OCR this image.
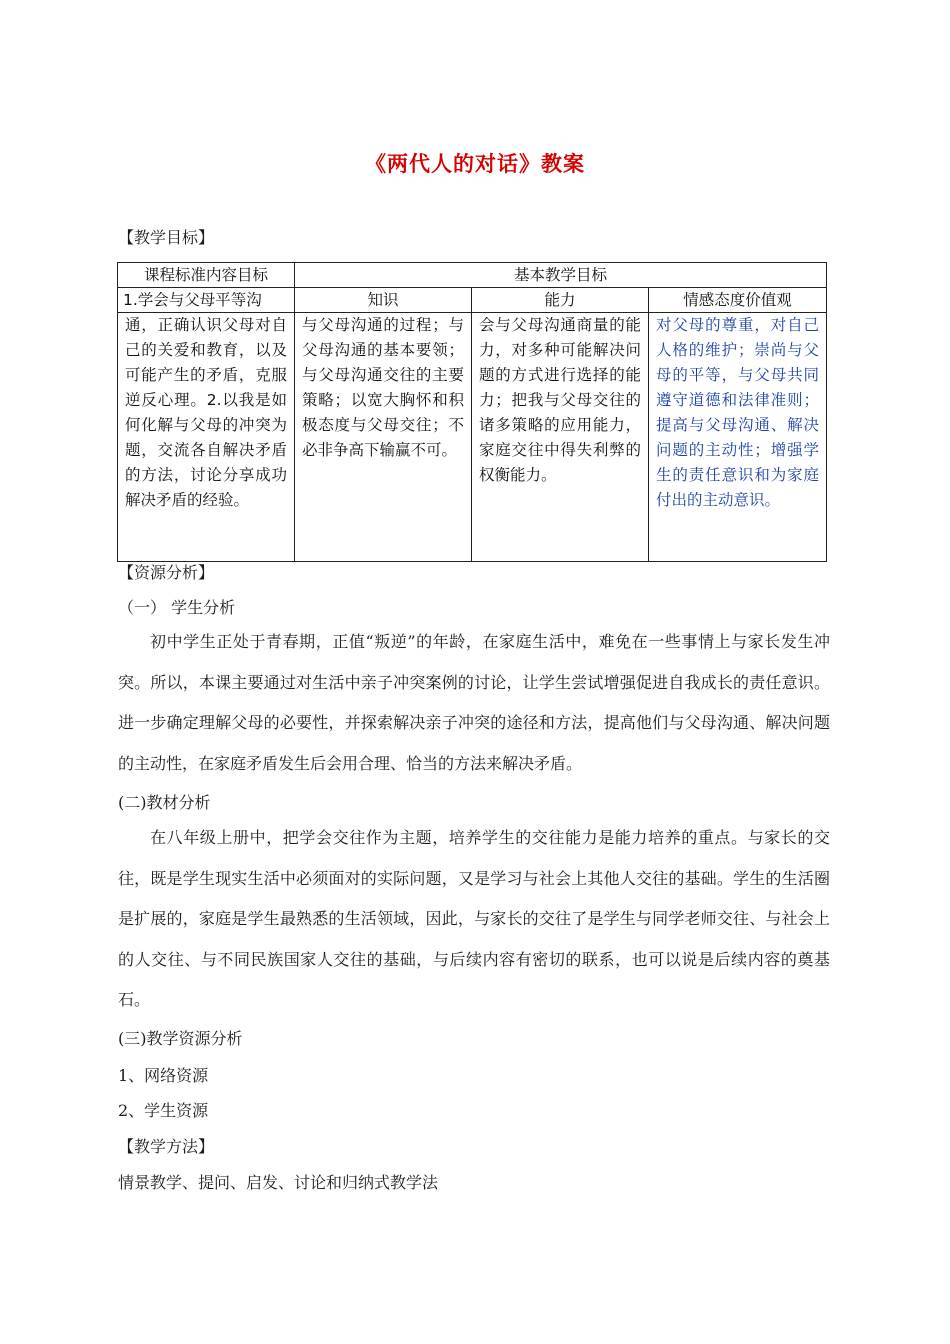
《两代人的对话》教案
【教学目标】
课程标准内容目标	基本教学目标		
1.学会与父母平等沟	知识	能力	情感态度价值观
通，正确认识父母对自己的关爱和教育，以及可能产生的矛盾，克服逆反心理。2.以我是如何化解与父母的冲突为题，交流各自解决矛盾的方法，讨论分享成功解决矛盾的经验。	与父母沟通的过程；与父母沟通的基本要领；与父母沟通交往的主要策略；以宽大胸怀和积极态度与父母交往；不必非争高下输赢不可。	会与父母沟通商量的能力，对多种可能解决问题的方式进行选择的能力；把我与父母交往的诸多策略的应用能力，家庭交往中得失利弊的权衡能力。	对父母的尊重，对自己人格的维护；崇尚与父母的平等，与父母共同遵守道德和法律准则；提高与父母沟通、解决问题的主动性；增强学生的责任意识和为家庭付出的主动意识。
【资源分析】
（一） 学生分析
初中学生正处于青春期，正值“叛逆”的年龄，在家庭生活中，难免在一些事情上与家长发生冲突。所以，本课主要通过对生活中亲子冲突案例的讨论，让学生尝试增强促进自我成长的责任意识。进一步确定理解父母的必要性，并探索解决亲子冲突的途径和方法，提高他们与父母沟通、解决问题的主动性，在家庭矛盾发生后会用合理、恰当的方法来解决矛盾。
(二)教材分析
在八年级上册中，把学会交往作为主题，培养学生的交往能力是能力培养的重点。与家长的交往，既是学生现实生活中必须面对的实际问题，又是学习与社会上其他人交往的基础。学生的生活圈是扩展的，家庭是学生最熟悉的生活领域，因此，与家长的交往了是学生与同学老师交往、与社会上的人交往、与不同民族国家人交往的基础，与后续内容有密切的联系，也可以说是后续内容的奠基石。
(三)教学资源分析
1、网络资源
2、学生资源
【教学方法】
情景教学、提问、启发、讨论和归纳式教学法
